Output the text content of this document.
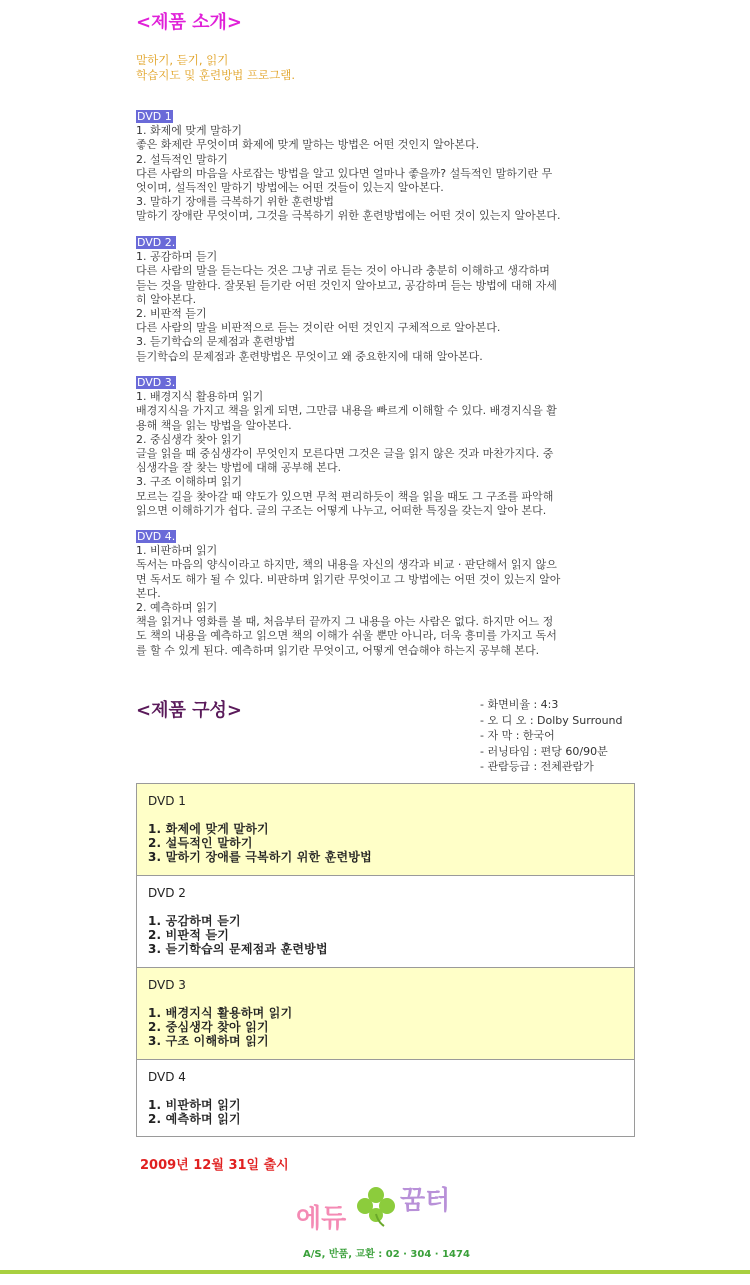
<제품 소개>
말하기, 듣기, 읽기
학습지도 및 훈련방법 프로그램.
DVD 1

1. 화제에 맞게 말하기

좋은 화제란 무엇이며 화제에 맞게 말하는 방법은 어떤 것인지 알아본다.

2. 설득적인 말하기

다른 사람의 마음을 사로잡는 방법을 알고 있다면 얼마나 좋을까? 설득적인 말하기란 무

엇이며, 설득적인 말하기 방법에는 어떤 것들이 있는지 알아본다.

3. 말하기 장애를 극복하기 위한 훈련방법

말하기 장애란 무엇이며, 그것을 극복하기 위한 훈련방법에는 어떤 것이 있는지 알아본다.

DVD 2.

1. 공감하며 듣기

다른 사람의 말을 듣는다는 것은 그냥 귀로 듣는 것이 아니라 충분히 이해하고 생각하며

듣는 것을 말한다. 잘못된 듣기란 어떤 것인지 알아보고, 공감하며 듣는 방법에 대해 자세

히 알아본다.

2. 비판적 듣기

다른 사람의 말을 비판적으로 듣는 것이란 어떤 것인지 구체적으로 알아본다.

3. 듣기학습의 문제점과 훈련방법

듣기학습의 문제점과 훈련방법은 무엇이고 왜 중요한지에 대해 알아본다.

DVD 3.

1. 배경지식 활용하며 읽기

배경지식을 가지고 책을 읽게 되면, 그만큼 내용을 빠르게 이해할 수 있다. 배경지식을 활

용해 책을 읽는 방법을 알아본다.

2. 중심생각 찾아 읽기

글을 읽을 때 중심생각이 무엇인지 모른다면 그것은 글을 읽지 않은 것과 마찬가지다. 중

심생각을 잘 찾는 방법에 대해 공부해 본다.

3. 구조 이해하며 읽기

모르는 길을 찾아갈 때 약도가 있으면 무척 편리하듯이 책을 읽을 때도 그 구조를 파악해

읽으면 이해하기가 쉽다. 글의 구조는 어떻게 나누고, 어떠한 특징을 갖는지 알아 본다.

DVD 4.

1. 비판하며 읽기

독서는 마음의 양식이라고 하지만, 책의 내용을 자신의 생각과 비교 · 판단해서 읽지 않으

면 독서도 해가 될 수 있다. 비판하며 읽기란 무엇이고 그 방법에는 어떤 것이 있는지 알아

본다.

2. 예측하며 읽기

책을 읽거나 영화를 볼 때, 처음부터 끝까지 그 내용을 아는 사람은 없다. 하지만 어느 정

도 책의 내용을 예측하고 읽으면 책의 이해가 쉬울 뿐만 아니라, 더욱 흥미를 가지고 독서

를 할 수 있게 된다. 예측하며 읽기란 무엇이고, 어떻게 연습해야 하는지 공부해 본다.

<제품 구성>	- 화면비율 : 4:3
- 오 디 오 : Dolby Surround
- 자 막 : 한국어
- 러닝타임 : 편당 60/90분
- 관람등급 : 전체관람가
DVD 1
1. 화제에 맞게 말하기
2. 설득적인 말하기
3. 말하기 장애를 극복하기 위한 훈련방법
DVD 2
1. 공감하며 듣기
2. 비판적 듣기
3. 듣기학습의 문제점과 훈련방법
DVD 3
1. 배경지식 활용하며 읽기
2. 중심생각 찾아 읽기
3. 구조 이해하며 읽기
DVD 4
1. 비판하며 읽기
2. 예측하며 읽기
2009년 12월 31일 출시
에듀
꿈터
A/S, 반품, 교환 : 02 · 304 · 1474
